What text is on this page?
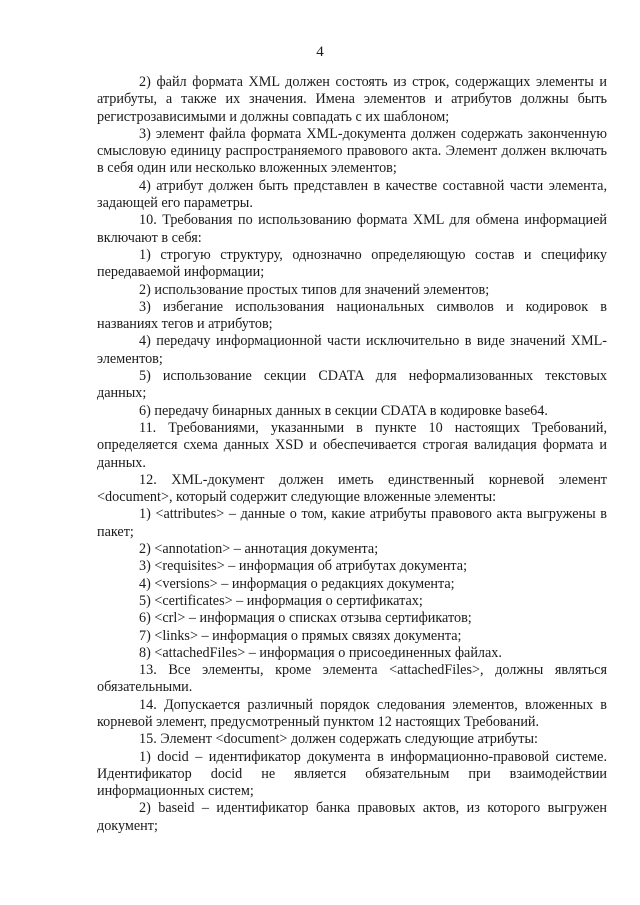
4

2) файл формата XML должен состоять из строк, содержащих элементы и атрибуты, а также их значения. Имена элементов и атрибутов должны быть регистрозависимыми и должны совпадать с их шаблоном;

3) элемент файла формата XML-документа должен содержать законченную смысловую единицу распространяемого правового акта. Элемент должен включать в себя один или несколько вложенных элементов;

4) атрибут должен быть представлен в качестве составной части элемента, задающей его параметры.

10. Требования по использованию формата XML для обмена информацией включают в себя:

1) строгую структуру, однозначно определяющую состав и специфику передаваемой информации;

2) использование простых типов для значений элементов;

3) избегание использования национальных символов и кодировок в названиях тегов и атрибутов;

4) передачу информационной части исключительно в виде значений XML-элементов;

5) использование секции CDATA для неформализованных текстовых данных;

6) передачу бинарных данных в секции CDATA в кодировке base64.

11. Требованиями, указанными в пункте 10 настоящих Требований, определяется схема данных XSD и обеспечивается строгая валидация формата и данных.

12. XML-документ должен иметь единственный корневой элемент <document>, который содержит следующие вложенные элементы:

1) <attributes> – данные о том, какие атрибуты правового акта выгружены в пакет;

2) <annotation> – аннотация документа;

3) <requisites> – информация об атрибутах документа;

4) <versions> – информация о редакциях документа;

5) <certificates> – информация о сертификатах;

6) <crl> – информация о списках отзыва сертификатов;

7) <links> – информация о прямых связях документа;

8) <attachedFiles> – информация о присоединенных файлах.

13. Все элементы, кроме элемента <attachedFiles>, должны являться обязательными.

14. Допускается различный порядок следования элементов, вложенных в корневой элемент, предусмотренный пунктом 12 настоящих Требований.

15. Элемент <document> должен содержать следующие атрибуты:

1) docid – идентификатор документа в информационно-правовой системе. Идентификатор docid не является обязательным при взаимодействии информационных систем;

2) baseid – идентификатор банка правовых актов, из которого выгружен документ;
